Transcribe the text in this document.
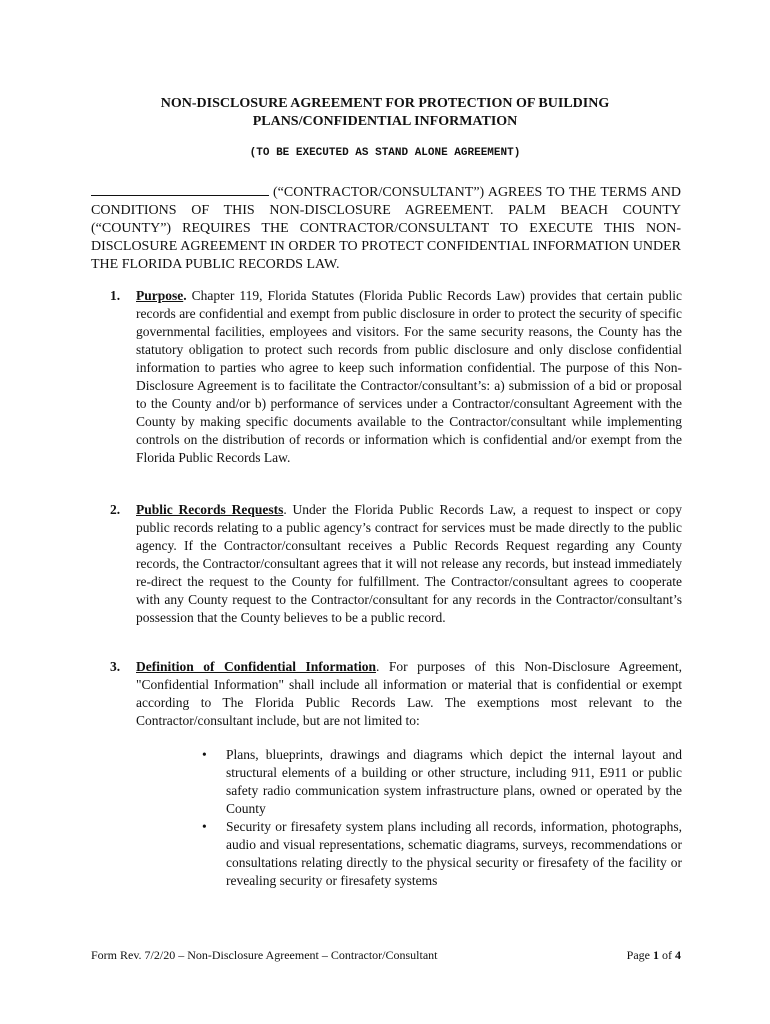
NON-DISCLOSURE AGREEMENT FOR PROTECTION OF BUILDING
PLANS/CONFIDENTIAL INFORMATION
(TO BE EXECUTED AS STAND ALONE AGREEMENT)
(“CONTRACTOR/CONSULTANT”) AGREES TO THE TERMS AND CONDITIONS OF THIS NON-DISCLOSURE AGREEMENT. PALM BEACH COUNTY (“COUNTY”) REQUIRES THE CONTRACTOR/CONSULTANT TO EXECUTE THIS NON-DISCLOSURE AGREEMENT IN ORDER TO PROTECT CONFIDENTIAL INFORMATION UNDER THE FLORIDA PUBLIC RECORDS LAW.
1. Purpose. Chapter 119, Florida Statutes (Florida Public Records Law) provides that certain public records are confidential and exempt from public disclosure in order to protect the security of specific governmental facilities, employees and visitors. For the same security reasons, the County has the statutory obligation to protect such records from public disclosure and only disclose confidential information to parties who agree to keep such information confidential. The purpose of this Non-Disclosure Agreement is to facilitate the Contractor/consultant’s: a) submission of a bid or proposal to the County and/or b) performance of services under a Contractor/consultant Agreement with the County by making specific documents available to the Contractor/consultant while implementing controls on the distribution of records or information which is confidential and/or exempt from the Florida Public Records Law.
2. Public Records Requests. Under the Florida Public Records Law, a request to inspect or copy public records relating to a public agency’s contract for services must be made directly to the public agency. If the Contractor/consultant receives a Public Records Request regarding any County records, the Contractor/consultant agrees that it will not release any records, but instead immediately re-direct the request to the County for fulfillment. The Contractor/consultant agrees to cooperate with any County request to the Contractor/consultant for any records in the Contractor/consultant’s possession that the County believes to be a public record.
3. Definition of Confidential Information. For purposes of this Non-Disclosure Agreement, "Confidential Information" shall include all information or material that is confidential or exempt according to The Florida Public Records Law. The exemptions most relevant to the Contractor/consultant include, but are not limited to:
• Plans, blueprints, drawings and diagrams which depict the internal layout and structural elements of a building or other structure, including 911, E911 or public safety radio communication system infrastructure plans, owned or operated by the County
• Security or firesafety system plans including all records, information, photographs, audio and visual representations, schematic diagrams, surveys, recommendations or consultations relating directly to the physical security or firesafety of the facility or revealing security or firesafety systems
Form Rev. 7/2/20 – Non-Disclosure Agreement – Contractor/Consultant	Page 1 of 4
